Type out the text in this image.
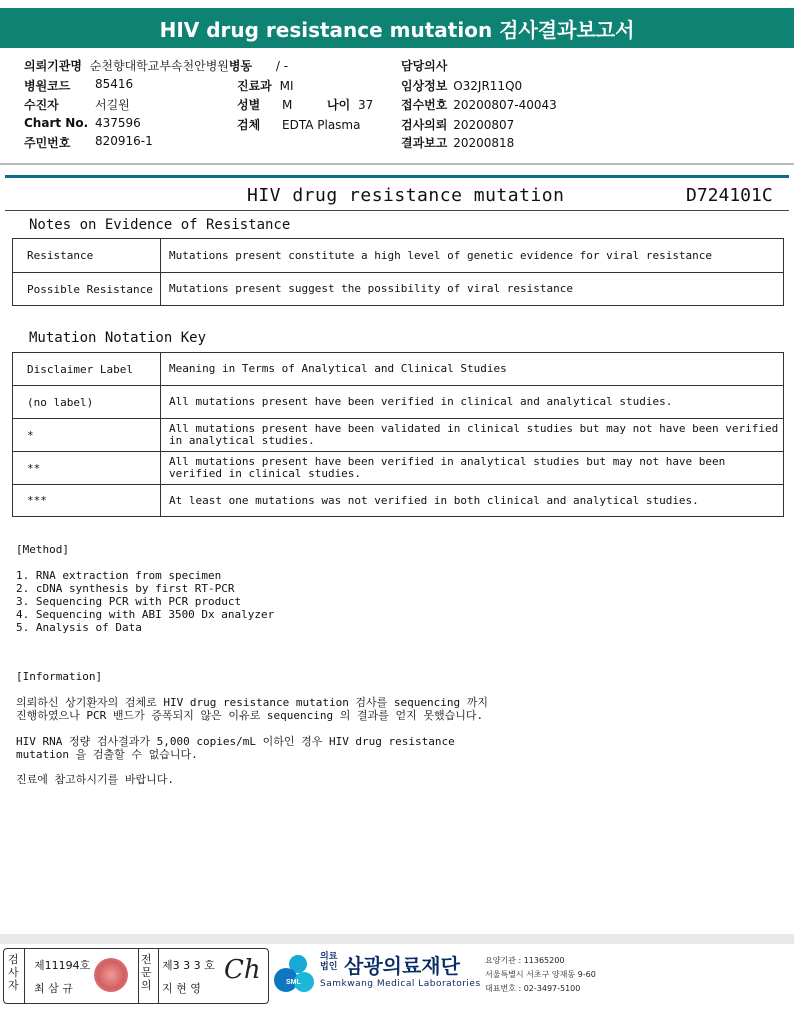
HIV drug resistance mutation 검사결과보고서
의뢰기관명 순천향대학교부속천안병원병동 / -	담당의사
병원코드 85416	진료과 MI	임상정보 O32JR11Q0
수진자	서길원	성별 M	나이 37 접수번호 20200807-40043
Chart No. 437596	검체 EDTA Plasma	검사의뢰 20200807
주민번호 820916-1	결과보고 20200818
HIV drug resistance mutation	D724101C
Notes on Evidence of Resistance
Resistance	Mutations present constitute a high level of genetic evidence for viral resistance
Possible Resistance	Mutations present suggest the possibility of viral resistance
Mutation Notation Key
Disclaimer Label	Meaning in Terms of Analytical and Clinical Studies
(no label)	All mutations present have been verified in clinical and analytical studies.
*	All mutations present have been validated in clinical studies but may not have been verified in analytical studies.
**	All mutations present have been verified in analytical studies but may not have been verified in clinical studies.
***	At least one mutations was not verified in both clinical and analytical studies.
[Method]
1. RNA extraction from specimen
2. cDNA synthesis by first RT-PCR
3. Sequencing PCR with PCR product
4. Sequencing with ABI 3500 Dx analyzer
5. Analysis of Data
[Information]
의뢰하신 상기환자의 검체로 HIV drug resistance mutation 검사를 sequencing 까지
진행하였으나 PCR 밴드가 증폭되지 않은 이유로 sequencing 의 결과를 얻지 못했습니다.
HIV RNA 정량 검사결과가 5,000 copies/mL 이하인 경우 HIV drug resistance
mutation 을 검출할 수 없습니다.
진료에 참고하시기를 바랍니다.
검사자
제11194호
최 삼 규
전문의
제3 3 3 호
지 현 영
Ch	SML
의료
법인 삼광의료재단
Samkwang Medical Laboratories
요양기관 : 11365200
서울특별시 서초구 양재동 9-60
대표번호 : 02-3497-5100
